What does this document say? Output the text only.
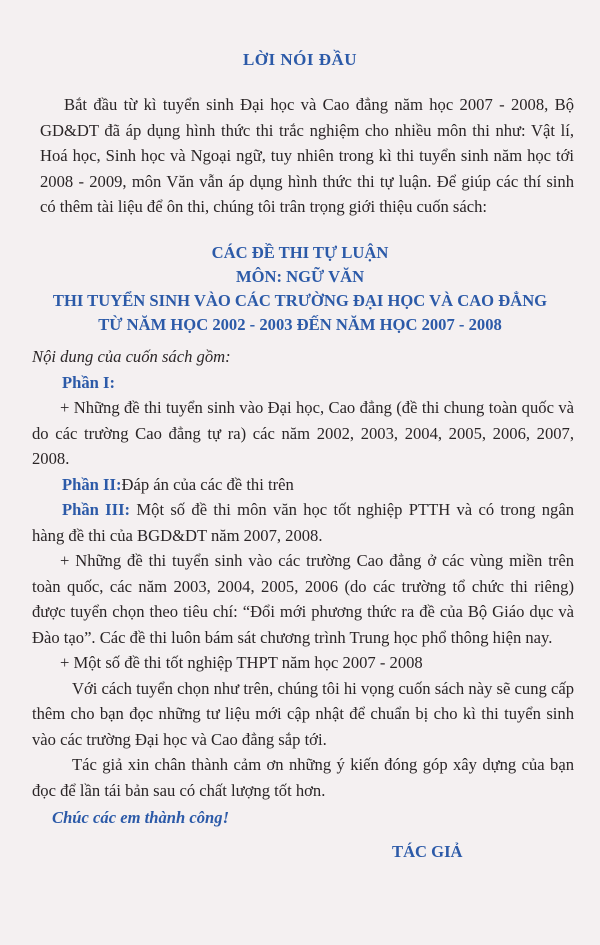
LỜI NÓI ĐẦU

Bắt đầu từ kì tuyển sinh Đại học và Cao đẳng năm học 2007 - 2008, Bộ GD&DT đã áp dụng hình thức thi trắc nghiệm cho nhiều môn thi như: Vật lí, Hoá học, Sinh học và Ngoại ngữ, tuy nhiên trong kì thi tuyển sinh năm học tới 2008 - 2009, môn Văn vẫn áp dụng hình thức thi tự luận. Để giúp các thí sinh có thêm tài liệu để ôn thi, chúng tôi trân trọng giới thiệu cuốn sách:

CÁC ĐỀ THI TỰ LUẬN
MÔN: NGỮ VĂN
THI TUYỂN SINH VÀO CÁC TRƯỜNG ĐẠI HỌC VÀ CAO ĐẲNG
TỪ NĂM HỌC 2002 - 2003 ĐẾN NĂM HỌC 2007 - 2008

Nội dung của cuốn sách gồm:

Phần I:

+ Những đề thi tuyển sinh vào Đại học, Cao đẳng (đề thi chung toàn quốc và do các trường Cao đẳng tự ra) các năm 2002, 2003, 2004, 2005, 2006, 2007, 2008.

Phần II:Đáp án của các đề thi trên

Phần III: Một số đề thi môn văn học tốt nghiệp PTTH và có trong ngân hàng đề thi của BGD&DT năm 2007, 2008.

+ Những đề thi tuyển sinh vào các trường Cao đẳng ở các vùng miền trên toàn quốc, các năm 2003, 2004, 2005, 2006 (do các trường tổ chức thi riêng) được tuyển chọn theo tiêu chí: “Đổi mới phương thức ra đề của Bộ Giáo dục và Đào tạo”. Các đề thi luôn bám sát chương trình Trung học phổ thông hiện nay.

+ Một số đề thi tốt nghiệp THPT năm học 2007 - 2008

Với cách tuyển chọn như trên, chúng tôi hi vọng cuốn sách này sẽ cung cấp thêm cho bạn đọc những tư liệu mới cập nhật để chuẩn bị cho kì thi tuyển sinh vào các trường Đại học và Cao đẳng sắp tới.

Tác giả xin chân thành cảm ơn những ý kiến đóng góp xây dựng của bạn đọc để lần tái bản sau có chất lượng tốt hơn.

Chúc các em thành công!

TÁC GIẢ
